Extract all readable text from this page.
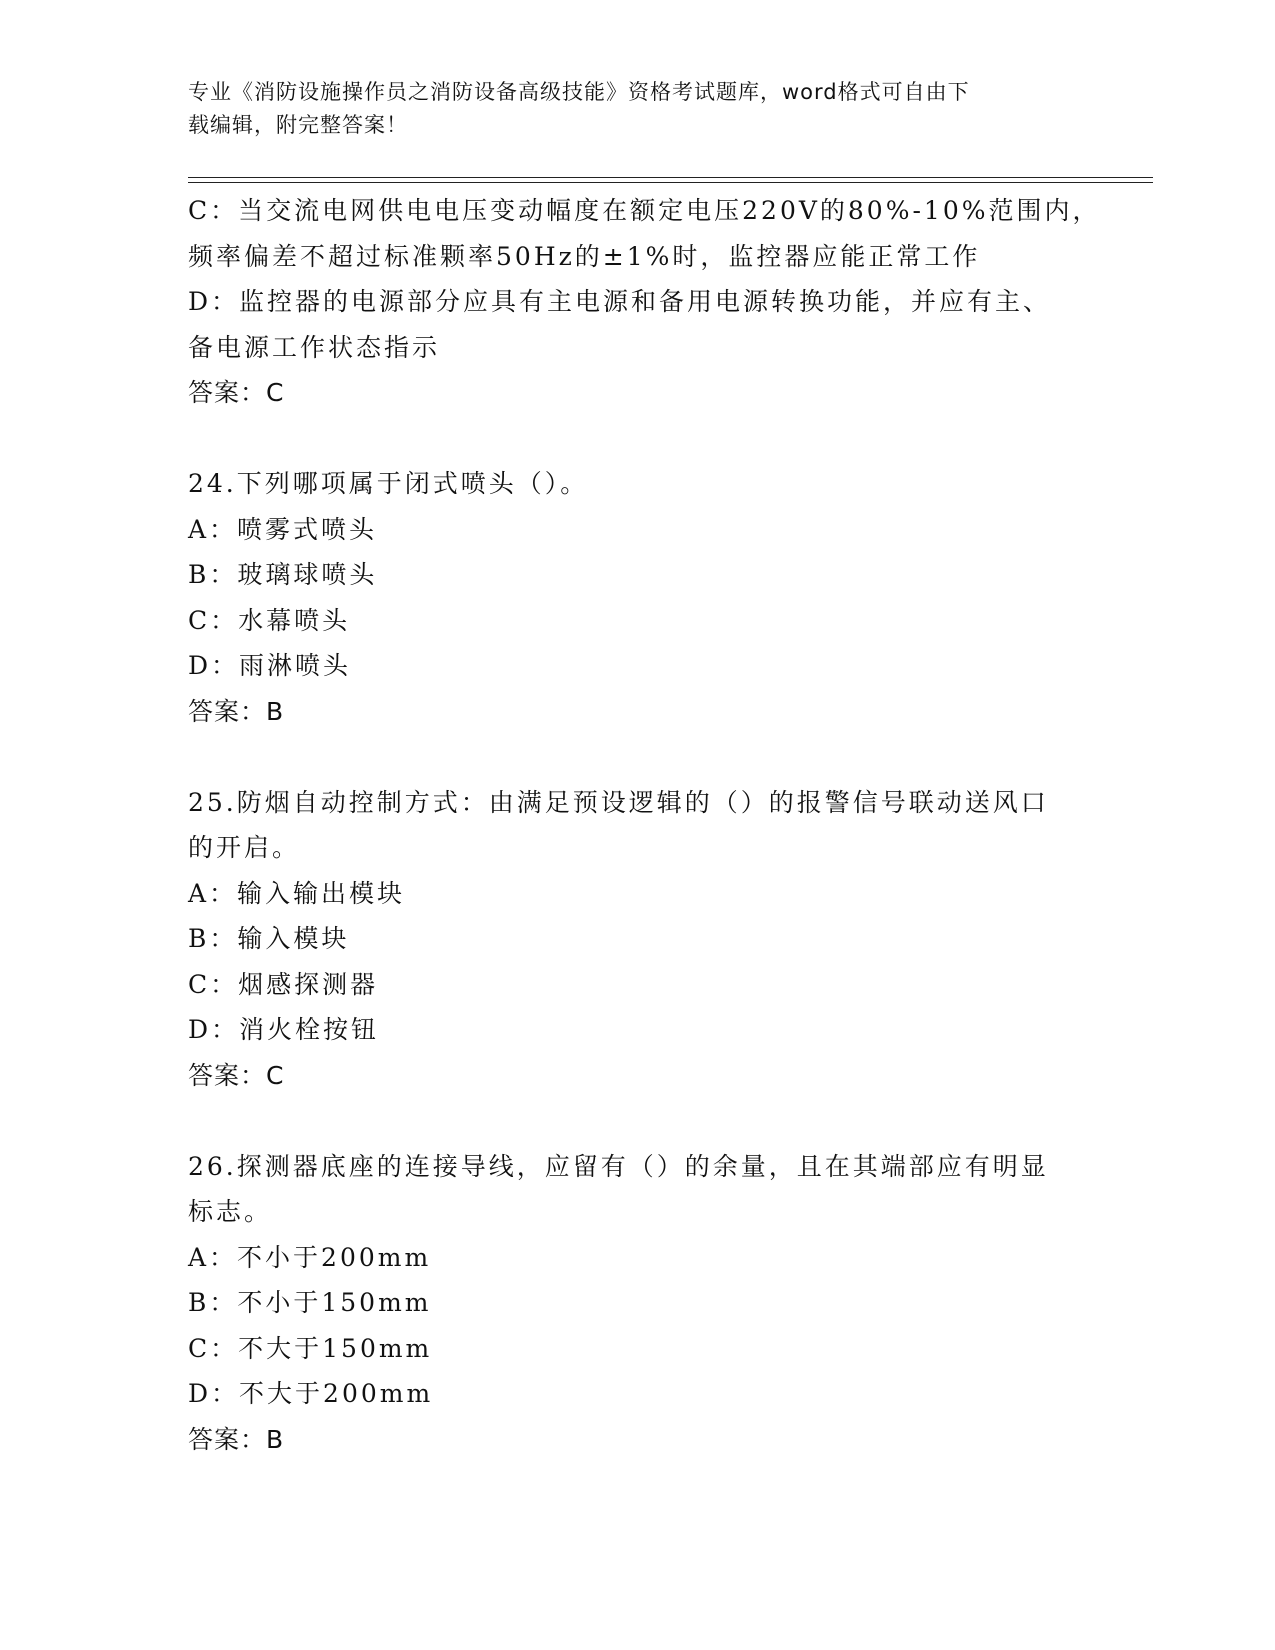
专业《消防设施操作员之消防设备高级技能》资格考试题库，word格式可自由下
载编辑，附完整答案！
C：当交流电网供电电压变动幅度在额定电压220V的80%-10%范围内，
频率偏差不超过标准颗率50Hz的±1%时，监控器应能正常工作
D：监控器的电源部分应具有主电源和备用电源转换功能，并应有主、
备电源工作状态指示
答案：C
24.下列哪项属于闭式喷头（）。
A：喷雾式喷头
B：玻璃球喷头
C：水幕喷头
D：雨淋喷头
答案：B
25.防烟自动控制方式：由满足预设逻辑的（）的报警信号联动送风口
的开启。
A：输入输出模块
B：输入模块
C：烟感探测器
D：消火栓按钮
答案：C
26.探测器底座的连接导线，应留有（）的余量，且在其端部应有明显
标志。
A：不小于200mm
B：不小于150mm
C：不大于150mm
D：不大于200mm
答案：B
